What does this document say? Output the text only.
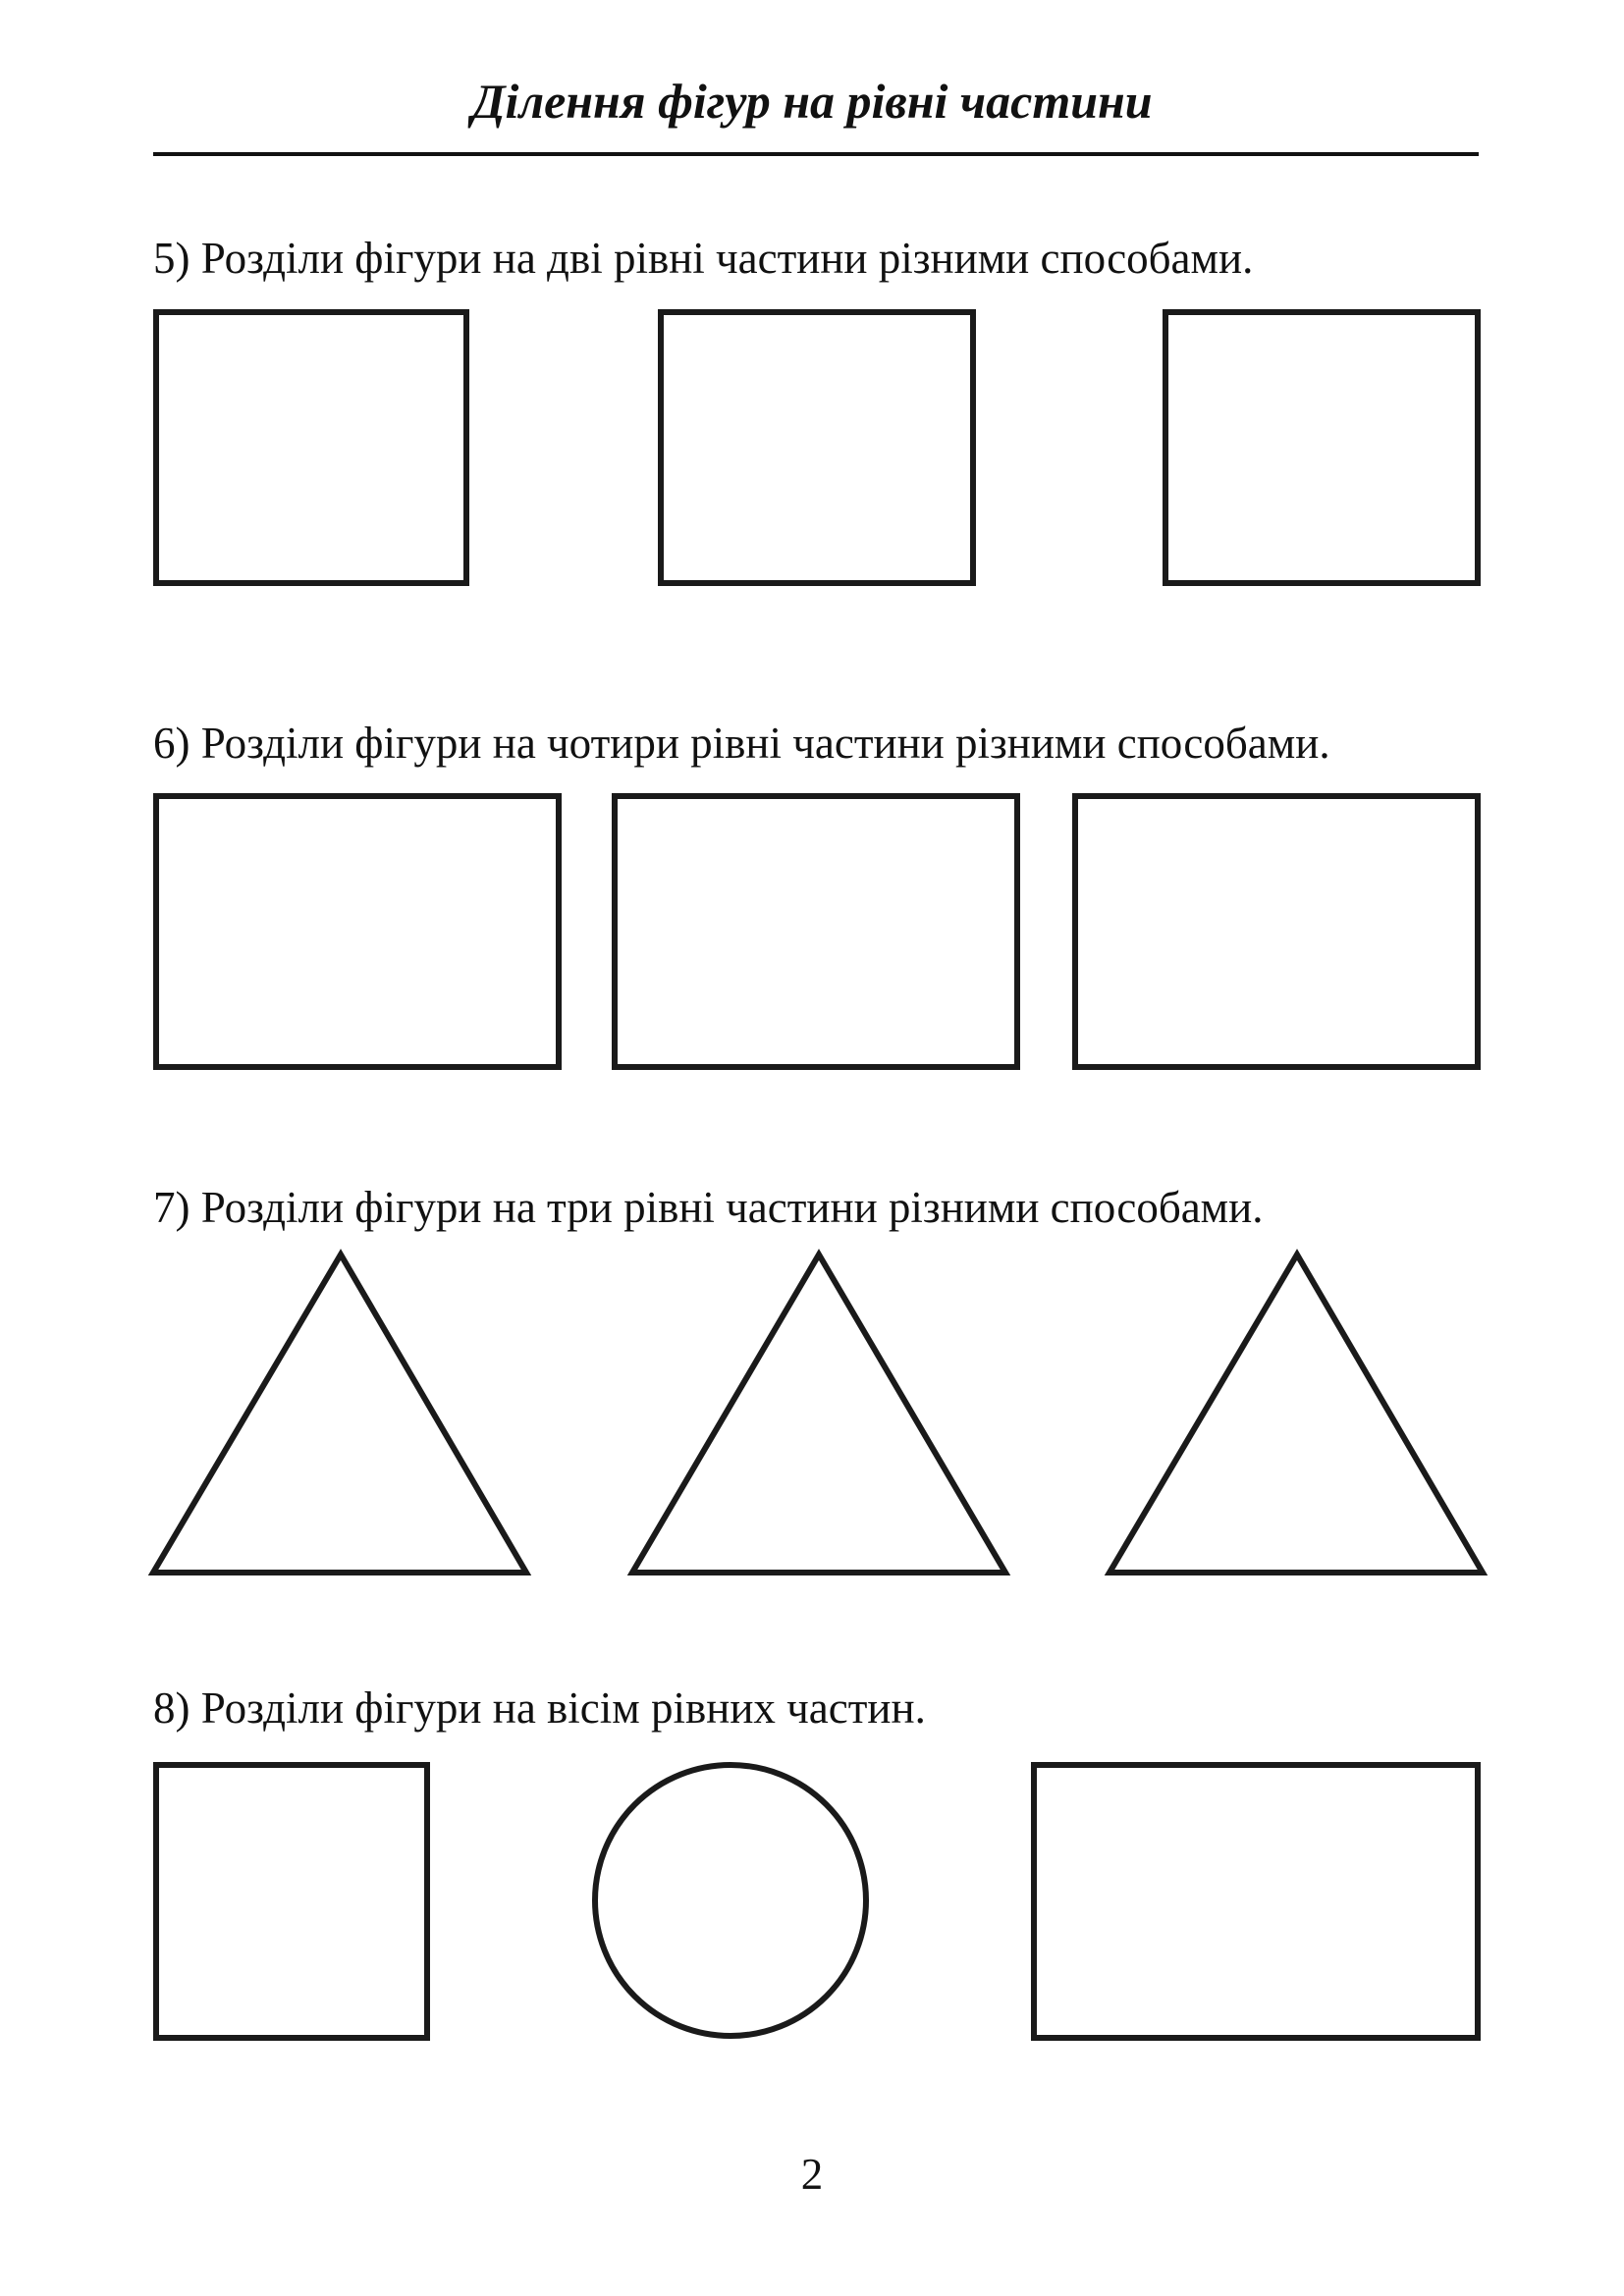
Ділення фігур на рівні частини
5) Розділи фігури на дві рівні частини різними способами.
6) Розділи фігури на чотири рівні частини різними способами.
7) Розділи фігури на три рівні частини різними способами.
8) Розділи фігури на вісім рівних частин.
2
